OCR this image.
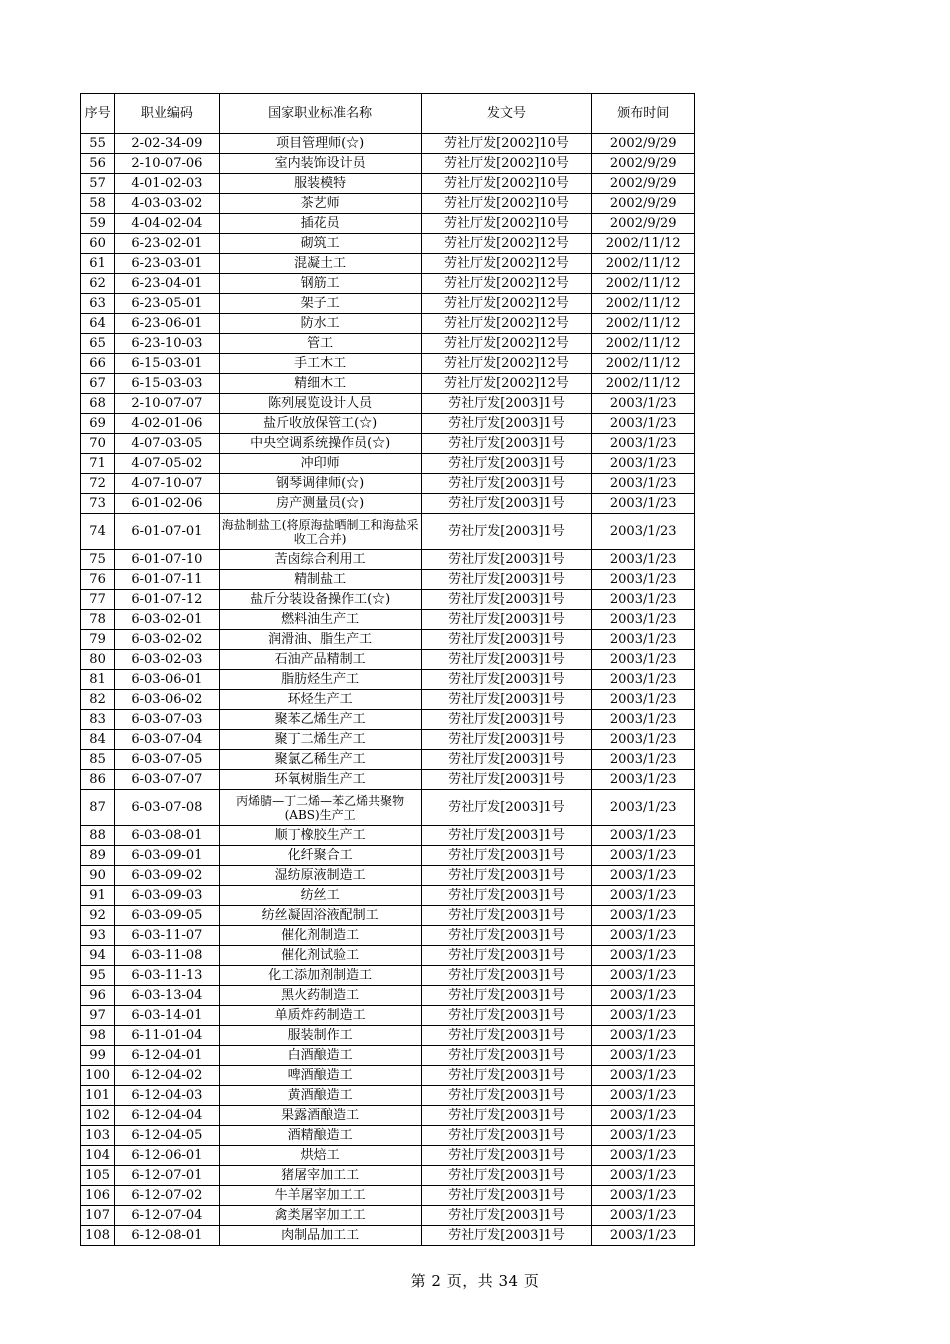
序号	职业编码	国家职业标准名称	发文号	颁布时间
55	2-02-34-09	项目管理师(☆)	劳社厅发[2002]10号	2002/9/29
56	2-10-07-06	室内装饰设计员	劳社厅发[2002]10号	2002/9/29
57	4-01-02-03	服装模特	劳社厅发[2002]10号	2002/9/29
58	4-03-03-02	茶艺师	劳社厅发[2002]10号	2002/9/29
59	4-04-02-04	插花员	劳社厅发[2002]10号	2002/9/29
60	6-23-02-01	砌筑工	劳社厅发[2002]12号	2002/11/12
61	6-23-03-01	混凝土工	劳社厅发[2002]12号	2002/11/12
62	6-23-04-01	钢筋工	劳社厅发[2002]12号	2002/11/12
63	6-23-05-01	架子工	劳社厅发[2002]12号	2002/11/12
64	6-23-06-01	防水工	劳社厅发[2002]12号	2002/11/12
65	6-23-10-03	管工	劳社厅发[2002]12号	2002/11/12
66	6-15-03-01	手工木工	劳社厅发[2002]12号	2002/11/12
67	6-15-03-03	精细木工	劳社厅发[2002]12号	2002/11/12
68	2-10-07-07	陈列展览设计人员	劳社厅发[2003]1号	2003/1/23
69	4-02-01-06	盐斤收放保管工(☆)	劳社厅发[2003]1号	2003/1/23
70	4-07-03-05	中央空调系统操作员(☆)	劳社厅发[2003]1号	2003/1/23
71	4-07-05-02	冲印师	劳社厅发[2003]1号	2003/1/23
72	4-07-10-07	钢琴调律师(☆)	劳社厅发[2003]1号	2003/1/23
73	6-01-02-06	房产测量员(☆)	劳社厅发[2003]1号	2003/1/23
74	6-01-07-01	海盐制盐工(将原海盐晒制工和海盐采收工合并)	劳社厅发[2003]1号	2003/1/23
75	6-01-07-10	苦卤综合利用工	劳社厅发[2003]1号	2003/1/23
76	6-01-07-11	精制盐工	劳社厅发[2003]1号	2003/1/23
77	6-01-07-12	盐斤分装设备操作工(☆)	劳社厅发[2003]1号	2003/1/23
78	6-03-02-01	燃料油生产工	劳社厅发[2003]1号	2003/1/23
79	6-03-02-02	润滑油、脂生产工	劳社厅发[2003]1号	2003/1/23
80	6-03-02-03	石油产品精制工	劳社厅发[2003]1号	2003/1/23
81	6-03-06-01	脂肪烃生产工	劳社厅发[2003]1号	2003/1/23
82	6-03-06-02	环烃生产工	劳社厅发[2003]1号	2003/1/23
83	6-03-07-03	聚苯乙烯生产工	劳社厅发[2003]1号	2003/1/23
84	6-03-07-04	聚丁二烯生产工	劳社厅发[2003]1号	2003/1/23
85	6-03-07-05	聚氯乙稀生产工	劳社厅发[2003]1号	2003/1/23
86	6-03-07-07	环氧树脂生产工	劳社厅发[2003]1号	2003/1/23
87	6-03-07-08	丙烯腈—丁二烯—苯乙烯共聚物(ABS)生产工	劳社厅发[2003]1号	2003/1/23
88	6-03-08-01	顺丁橡胶生产工	劳社厅发[2003]1号	2003/1/23
89	6-03-09-01	化纤聚合工	劳社厅发[2003]1号	2003/1/23
90	6-03-09-02	湿纺原液制造工	劳社厅发[2003]1号	2003/1/23
91	6-03-09-03	纺丝工	劳社厅发[2003]1号	2003/1/23
92	6-03-09-05	纺丝凝固浴液配制工	劳社厅发[2003]1号	2003/1/23
93	6-03-11-07	催化剂制造工	劳社厅发[2003]1号	2003/1/23
94	6-03-11-08	催化剂试验工	劳社厅发[2003]1号	2003/1/23
95	6-03-11-13	化工添加剂制造工	劳社厅发[2003]1号	2003/1/23
96	6-03-13-04	黑火药制造工	劳社厅发[2003]1号	2003/1/23
97	6-03-14-01	单质炸药制造工	劳社厅发[2003]1号	2003/1/23
98	6-11-01-04	服装制作工	劳社厅发[2003]1号	2003/1/23
99	6-12-04-01	白酒酿造工	劳社厅发[2003]1号	2003/1/23
100	6-12-04-02	啤酒酿造工	劳社厅发[2003]1号	2003/1/23
101	6-12-04-03	黄酒酿造工	劳社厅发[2003]1号	2003/1/23
102	6-12-04-04	果露酒酿造工	劳社厅发[2003]1号	2003/1/23
103	6-12-04-05	酒精酿造工	劳社厅发[2003]1号	2003/1/23
104	6-12-06-01	烘焙工	劳社厅发[2003]1号	2003/1/23
105	6-12-07-01	猪屠宰加工工	劳社厅发[2003]1号	2003/1/23
106	6-12-07-02	牛羊屠宰加工工	劳社厅发[2003]1号	2003/1/23
107	6-12-07-04	禽类屠宰加工工	劳社厅发[2003]1号	2003/1/23
108	6-12-08-01	肉制品加工工	劳社厅发[2003]1号	2003/1/23
第 2 页，共 34 页
